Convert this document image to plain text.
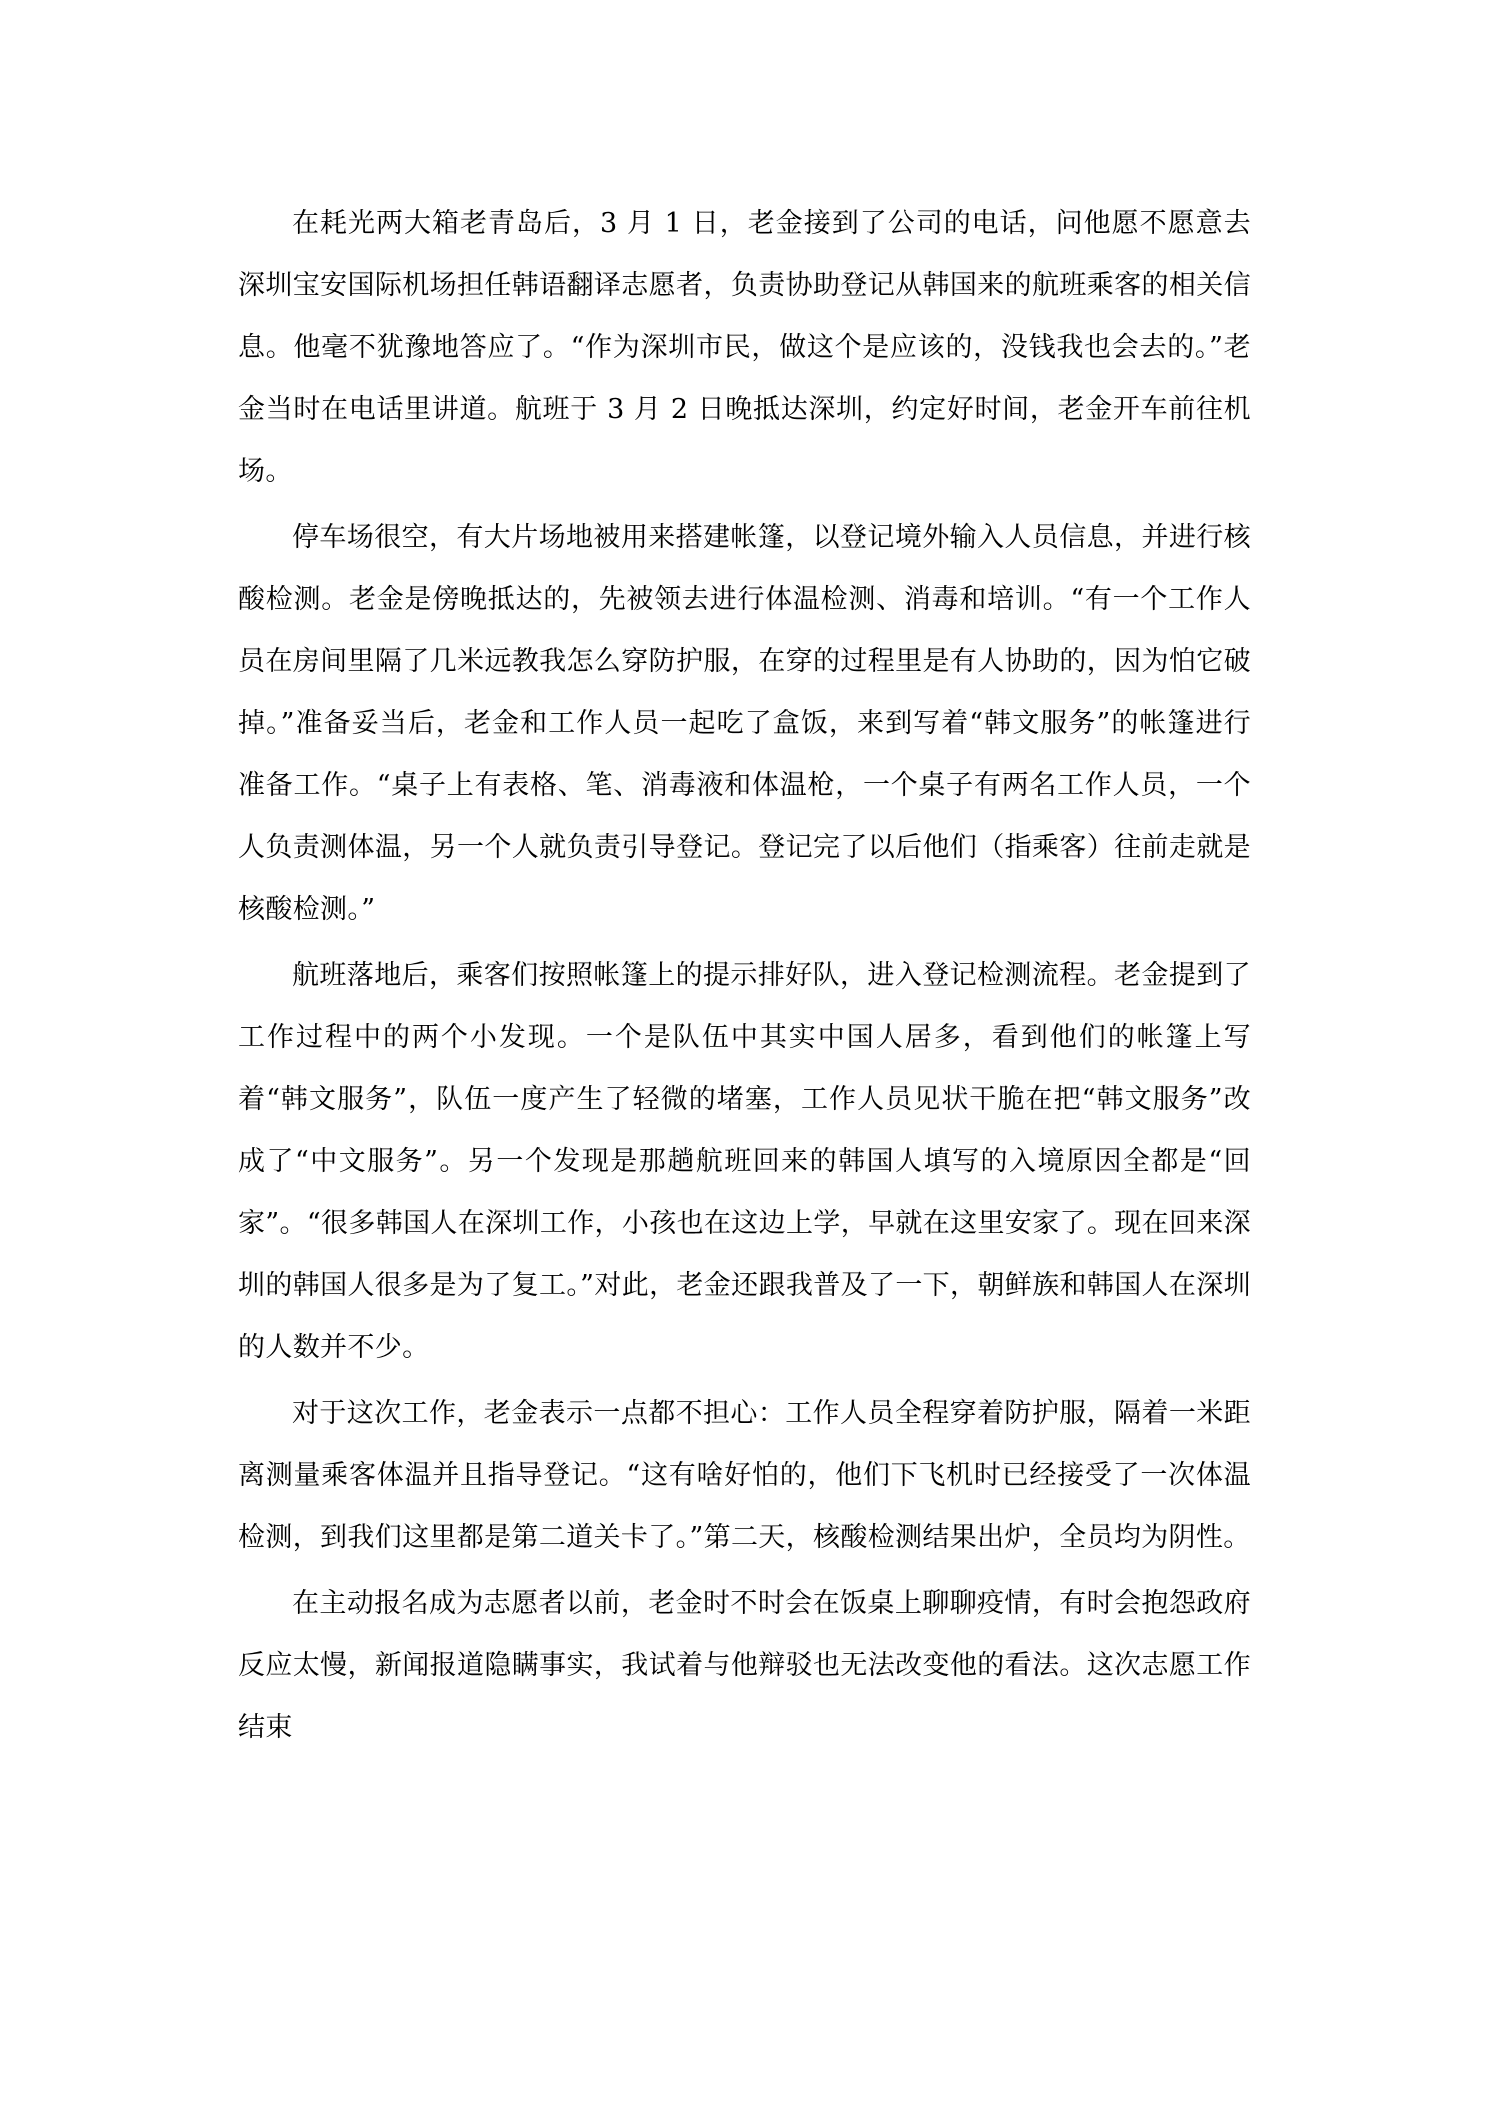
在耗光两大箱老青岛后，3 月 1 日，老金接到了公司的电话，问他愿不愿意去深圳宝安国际机场担任韩语翻译志愿者，负责协助登记从韩国来的航班乘客的相关信息。他毫不犹豫地答应了。“作为深圳市民，做这个是应该的，没钱我也会去的。”老金当时在电话里讲道。航班于 3 月 2 日晚抵达深圳，约定好时间，老金开车前往机场。

停车场很空，有大片场地被用来搭建帐篷，以登记境外输入人员信息，并进行核酸检测。老金是傍晚抵达的，先被领去进行体温检测、消毒和培训。“有一个工作人员在房间里隔了几米远教我怎么穿防护服，在穿的过程里是有人协助的，因为怕它破掉。”准备妥当后，老金和工作人员一起吃了盒饭，来到写着“韩文服务”的帐篷进行准备工作。“桌子上有表格、笔、消毒液和体温枪，一个桌子有两名工作人员，一个人负责测体温，另一个人就负责引导登记。登记完了以后他们（指乘客）往前走就是核酸检测。”

航班落地后，乘客们按照帐篷上的提示排好队，进入登记检测流程。老金提到了工作过程中的两个小发现。一个是队伍中其实中国人居多，看到他们的帐篷上写着“韩文服务”，队伍一度产生了轻微的堵塞，工作人员见状干脆在把“韩文服务”改成了“中文服务”。另一个发现是那趟航班回来的韩国人填写的入境原因全都是“回家”。“很多韩国人在深圳工作，小孩也在这边上学，早就在这里安家了。现在回来深圳的韩国人很多是为了复工。”对此，老金还跟我普及了一下，朝鲜族和韩国人在深圳的人数并不少。

对于这次工作，老金表示一点都不担心：工作人员全程穿着防护服，隔着一米距离测量乘客体温并且指导登记。“这有啥好怕的，他们下飞机时已经接受了一次体温检测，到我们这里都是第二道关卡了。”第二天，核酸检测结果出炉，全员均为阴性。

在主动报名成为志愿者以前，老金时不时会在饭桌上聊聊疫情，有时会抱怨政府反应太慢，新闻报道隐瞒事实，我试着与他辩驳也无法改变他的看法。这次志愿工作结束
